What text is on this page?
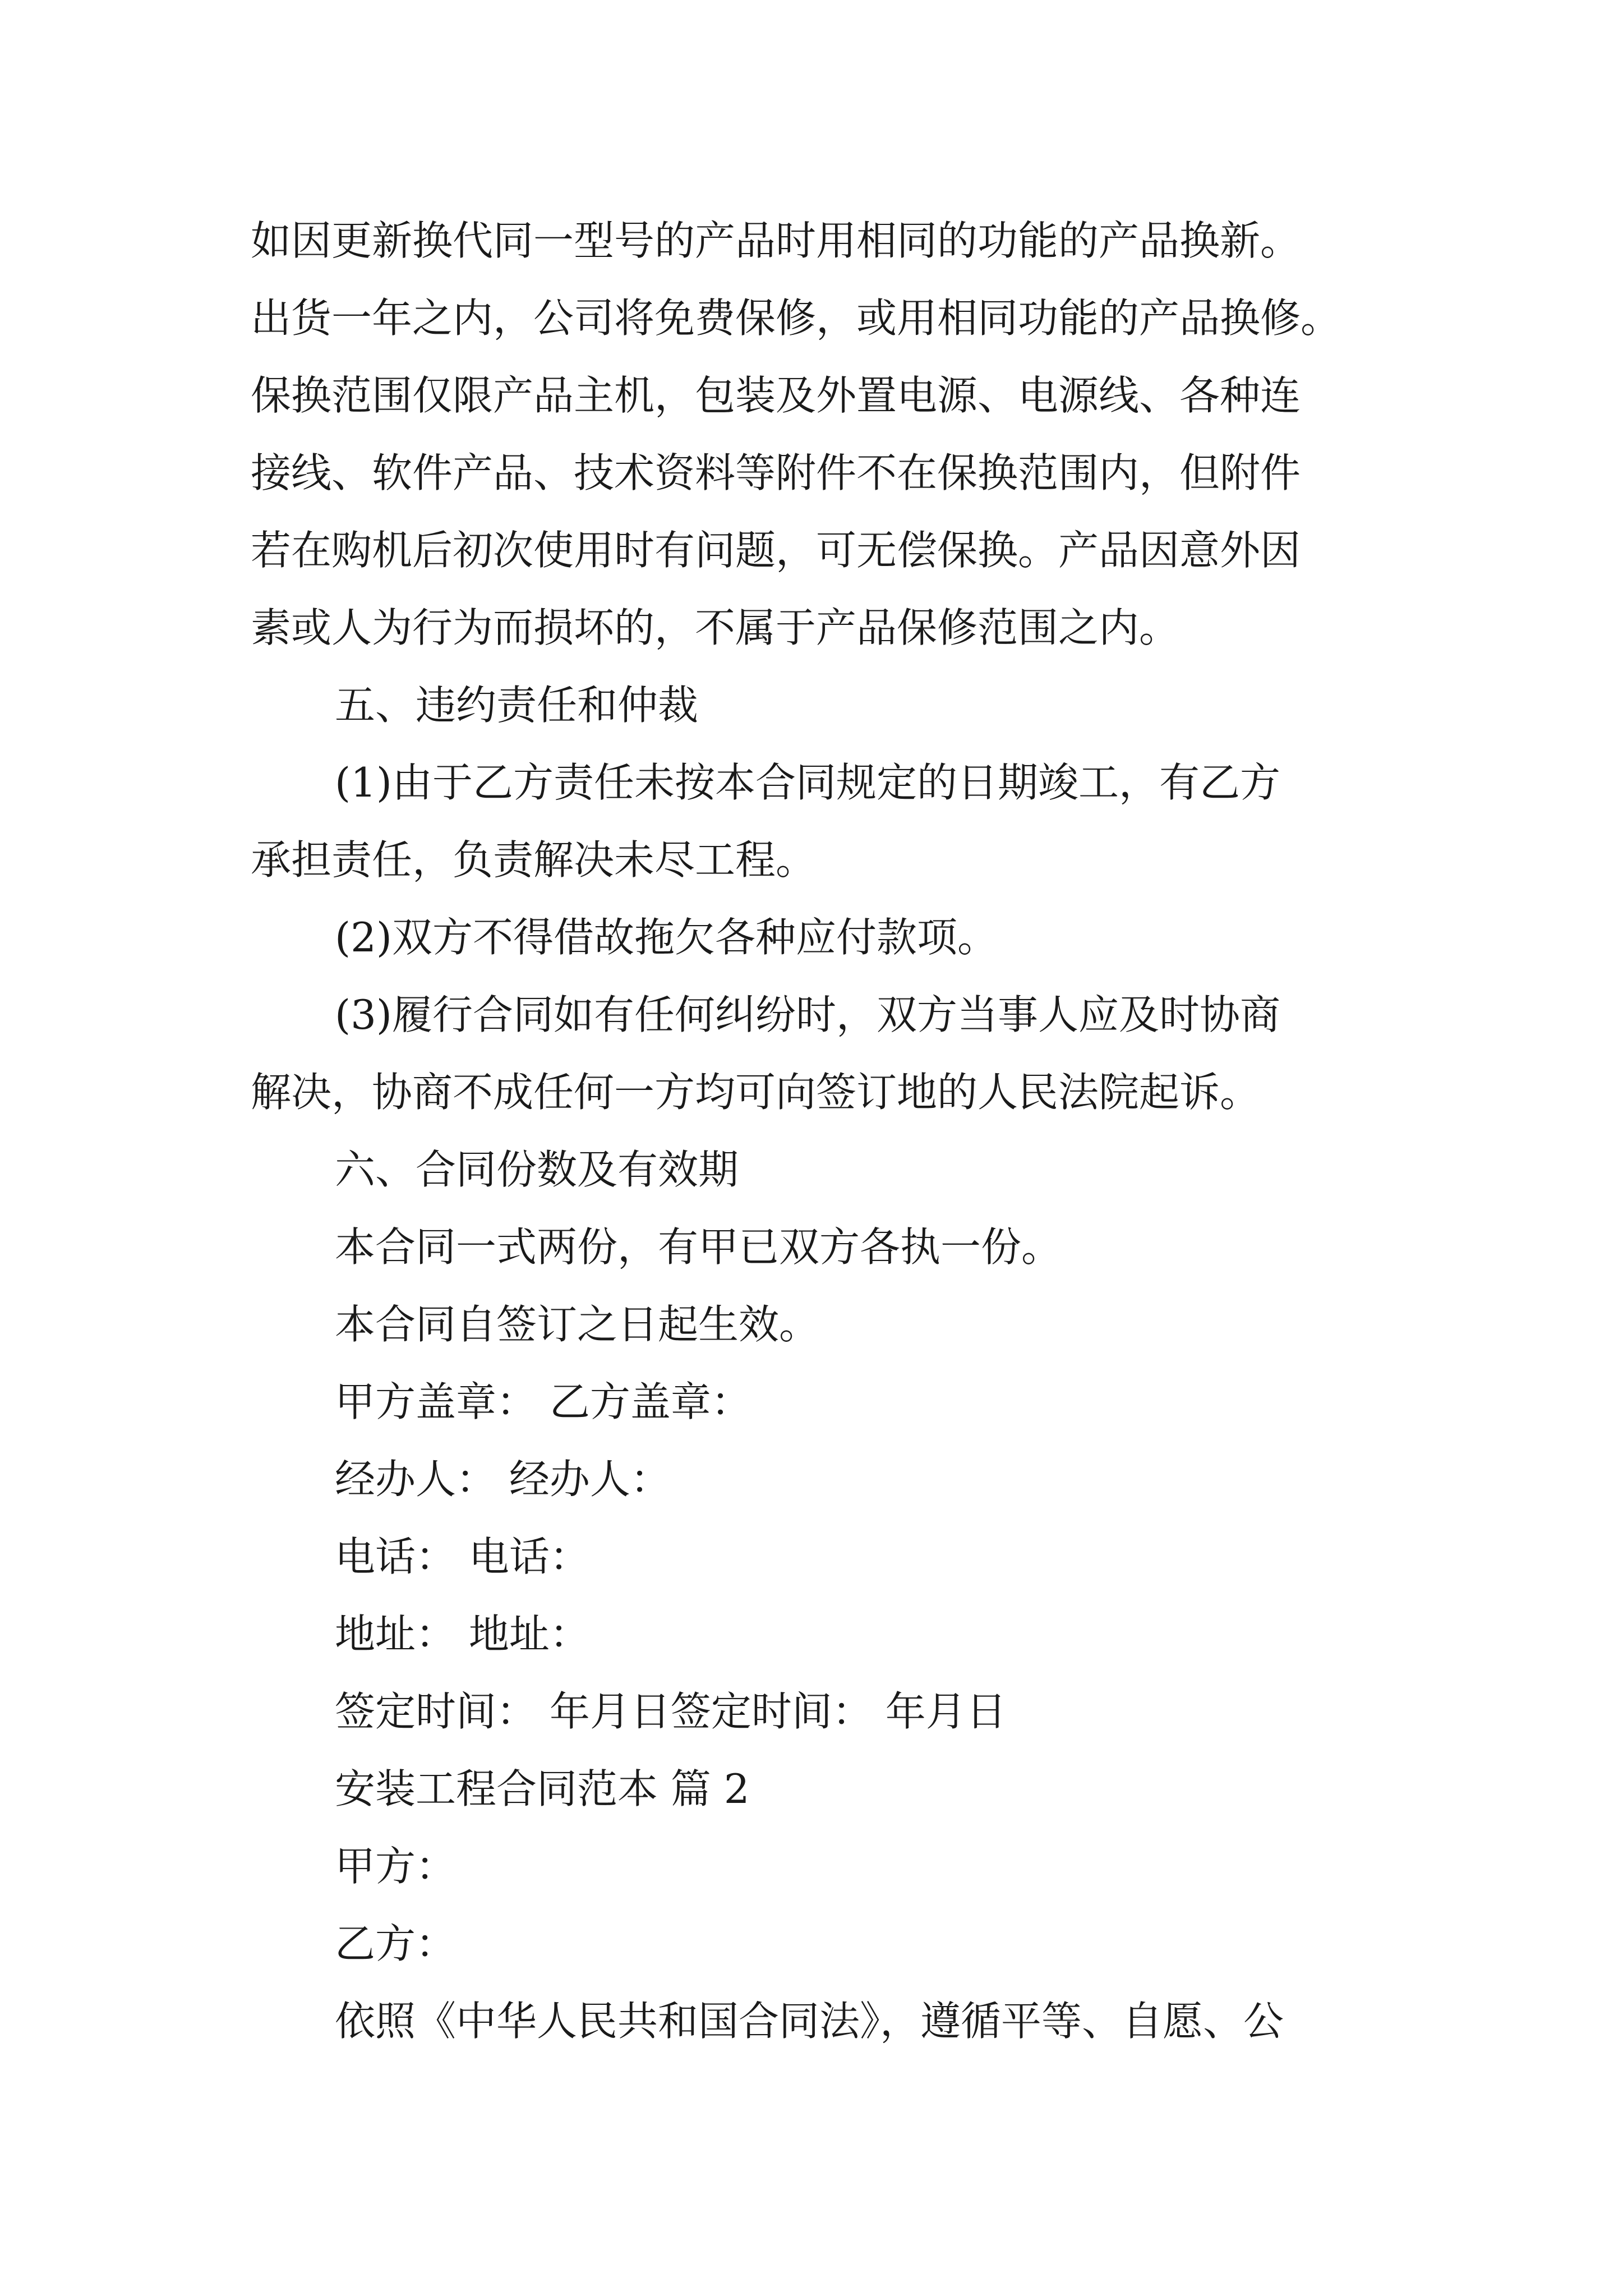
如因更新换代同一型号的产品时用相同的功能的产品换新。
出货一年之内，公司将免费保修，或用相同功能的产品换修。
保换范围仅限产品主机，包装及外置电源、电源线、各种连
接线、软件产品、技术资料等附件不在保换范围内，但附件
若在购机后初次使用时有问题，可无偿保换。产品因意外因
素或人为行为而损坏的，不属于产品保修范围之内。
五、违约责任和仲裁
(1)由于乙方责任未按本合同规定的日期竣工，有乙方
承担责任，负责解决未尽工程。
(2)双方不得借故拖欠各种应付款项。
(3)履行合同如有任何纠纷时，双方当事人应及时协商
解决，协商不成任何一方均可向签订地的人民法院起诉。
六、合同份数及有效期
本合同一式两份，有甲已双方各执一份。
本合同自签订之日起生效。
甲方盖章： 乙方盖章：
经办人： 经办人：
电话： 电话：
地址： 地址：
签定时间： 年月日签定时间： 年月日
安装工程合同范本 篇 2
甲方：
乙方：
依照《中华人民共和国合同法》，遵循平等、自愿、公
